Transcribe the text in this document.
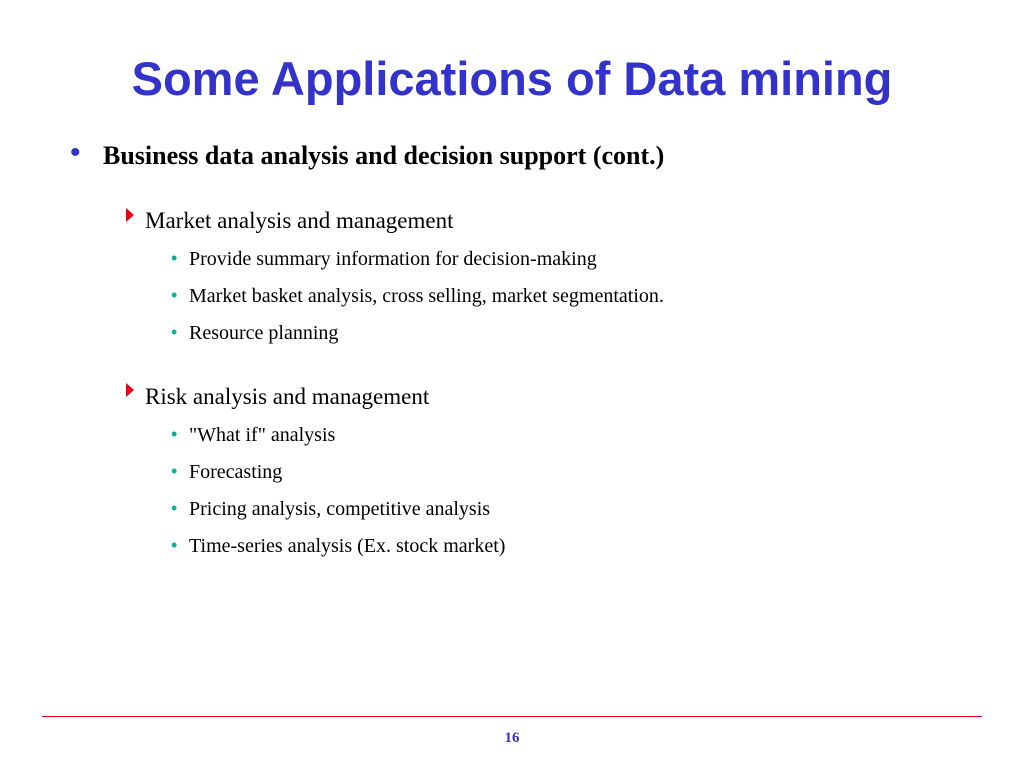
Some Applications of Data mining
• Business data analysis and decision support (cont.)
Market analysis and management
• Provide summary information for decision-making
• Market basket analysis, cross selling, market segmentation.
• Resource planning
Risk analysis and management
• "What if" analysis
• Forecasting
• Pricing analysis, competitive analysis
• Time-series analysis (Ex. stock market)
16
